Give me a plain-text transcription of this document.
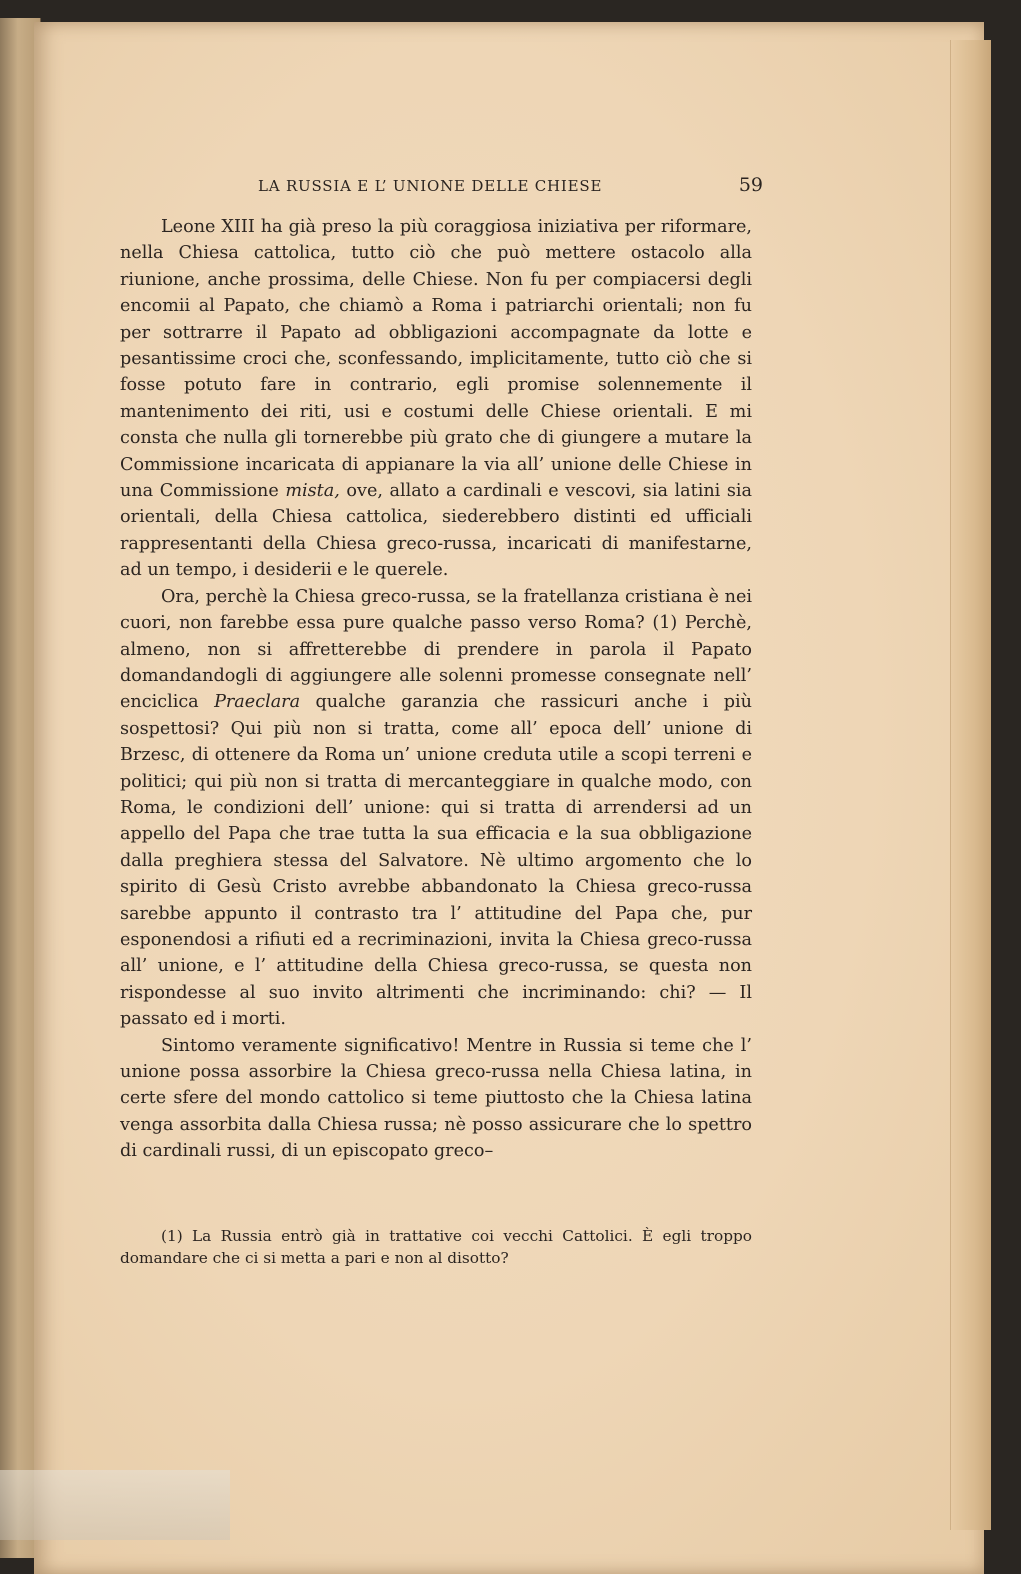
LA RUSSIA E L’ UNIONE DELLE CHIESE	59

Leone XIII ha già preso la più coraggiosa iniziativa per riformare, nella Chiesa cattolica, tutto ciò che può mettere ostacolo alla riunione, anche prossima, delle Chiese. Non fu per compiacersi degli encomii al Papato, che chiamò a Roma i patriarchi orientali; non fu per sottrarre il Papato ad obbligazioni accompagnate da lotte e pesantissime croci che, sconfessando, implicitamente, tutto ciò che si fosse potuto fare in contrario, egli promise solennemente il mantenimento dei riti, usi e costumi delle Chiese orientali. E mi consta che nulla gli tornerebbe più grato che di giungere a mutare la Commissione incaricata di appianare la via all’ unione delle Chiese in una Commissione mista, ove, allato a cardinali e vescovi, sia latini sia orientali, della Chiesa cattolica, siederebbero distinti ed ufficiali rappresentanti della Chiesa greco-russa, incaricati di manifestarne, ad un tempo, i desiderii e le querele.

Ora, perchè la Chiesa greco-russa, se la fratellanza cristiana è nei cuori, non farebbe essa pure qualche passo verso Roma? (1) Perchè, almeno, non si affretterebbe di prendere in parola il Papato domandandogli di aggiungere alle solenni promesse consegnate nell’ enciclica Praeclara qualche garanzia che rassicuri anche i più sospettosi? Qui più non si tratta, come all’ epoca dell’ unione di Brzesc, di ottenere da Roma un’ unione creduta utile a scopi terreni e politici; qui più non si tratta di mercanteggiare in qualche modo, con Roma, le condizioni dell’ unione: qui si tratta di arrendersi ad un appello del Papa che trae tutta la sua efficacia e la sua obbligazione dalla preghiera stessa del Salvatore. Nè ultimo argomento che lo spirito di Gesù Cristo avrebbe abbandonato la Chiesa greco-russa sarebbe appunto il contrasto tra l’ attitudine del Papa che, pur esponendosi a rifiuti ed a recriminazioni, invita la Chiesa greco-russa all’ unione, e l’ attitudine della Chiesa greco-russa, se questa non rispondesse al suo invito altrimenti che incriminando: chi? — Il passato ed i morti.

Sintomo veramente significativo! Mentre in Russia si teme che l’ unione possa assorbire la Chiesa greco-russa nella Chiesa latina, in certe sfere del mondo cattolico si teme piuttosto che la Chiesa latina venga assorbita dalla Chiesa russa; nè posso assicurare che lo spettro di cardinali russi, di un episcopato greco–

(1) La Russia entrò già in trattative coi vecchi Cattolici. È egli troppo domandare che ci si metta a pari e non al disotto?
